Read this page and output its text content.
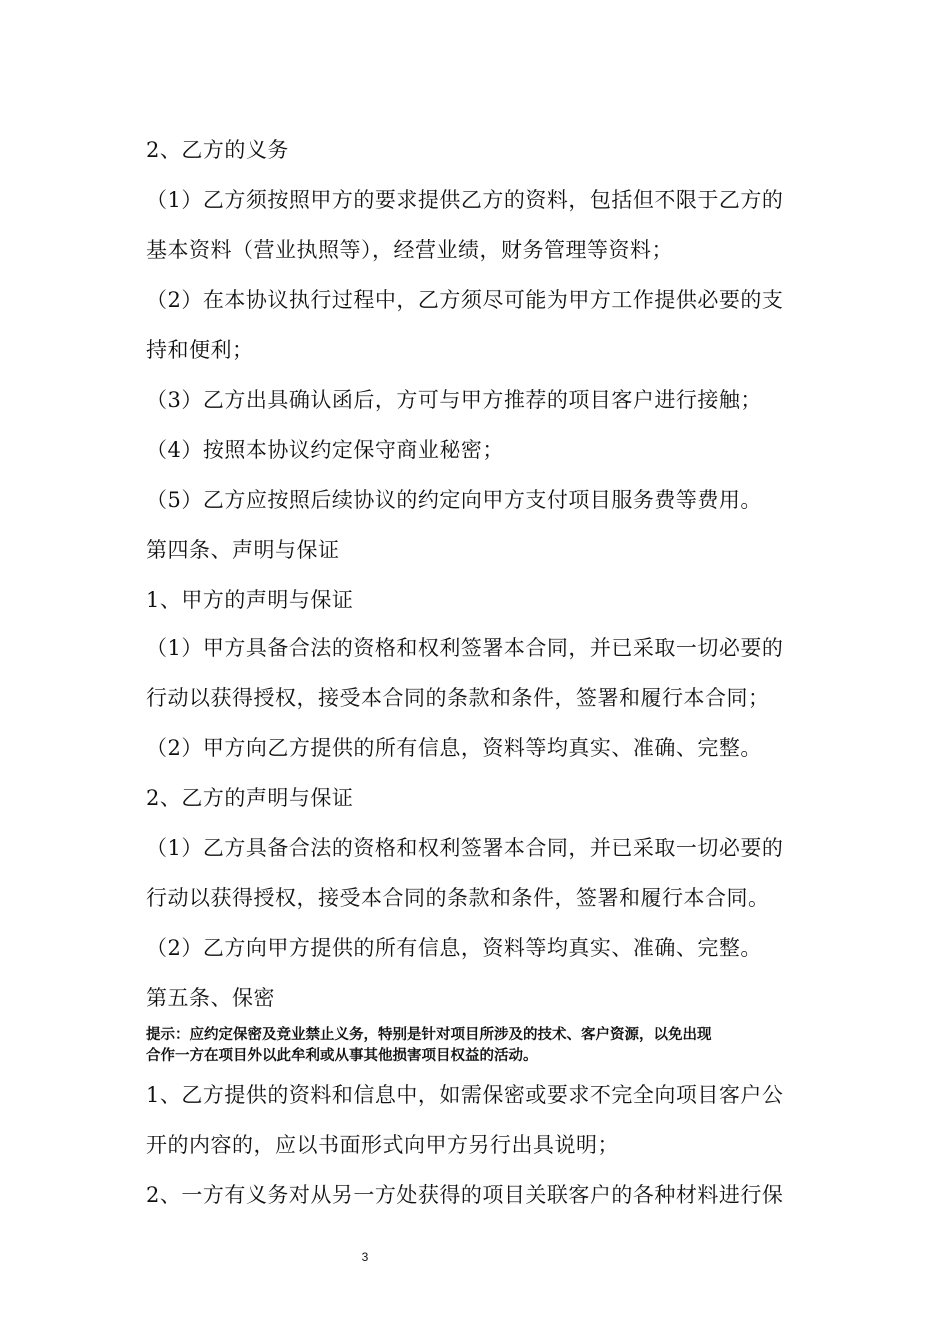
2、乙方的义务
（1）乙方须按照甲方的要求提供乙方的资料，包括但不限于乙方的
基本资料（营业执照等），经营业绩，财务管理等资料；
（2）在本协议执行过程中，乙方须尽可能为甲方工作提供必要的支
持和便利；
（3）乙方出具确认函后，方可与甲方推荐的项目客户进行接触；
（4）按照本协议约定保守商业秘密；
（5）乙方应按照后续协议的约定向甲方支付项目服务费等费用。
第四条、声明与保证
1、甲方的声明与保证
（1）甲方具备合法的资格和权利签署本合同，并已采取一切必要的
行动以获得授权，接受本合同的条款和条件，签署和履行本合同；
（2）甲方向乙方提供的所有信息，资料等均真实、准确、完整。
2、乙方的声明与保证
（1）乙方具备合法的资格和权利签署本合同，并已采取一切必要的
行动以获得授权，接受本合同的条款和条件，签署和履行本合同。
（2）乙方向甲方提供的所有信息，资料等均真实、准确、完整。
第五条、保密
提示：应约定保密及竞业禁止义务，特别是针对项目所涉及的技术、客户资源，以免出现
合作一方在项目外以此牟利或从事其他损害项目权益的活动。
1、乙方提供的资料和信息中，如需保密或要求不完全向项目客户公
开的内容的，应以书面形式向甲方另行出具说明；
2、一方有义务对从另一方处获得的项目关联客户的各种材料进行保
3
